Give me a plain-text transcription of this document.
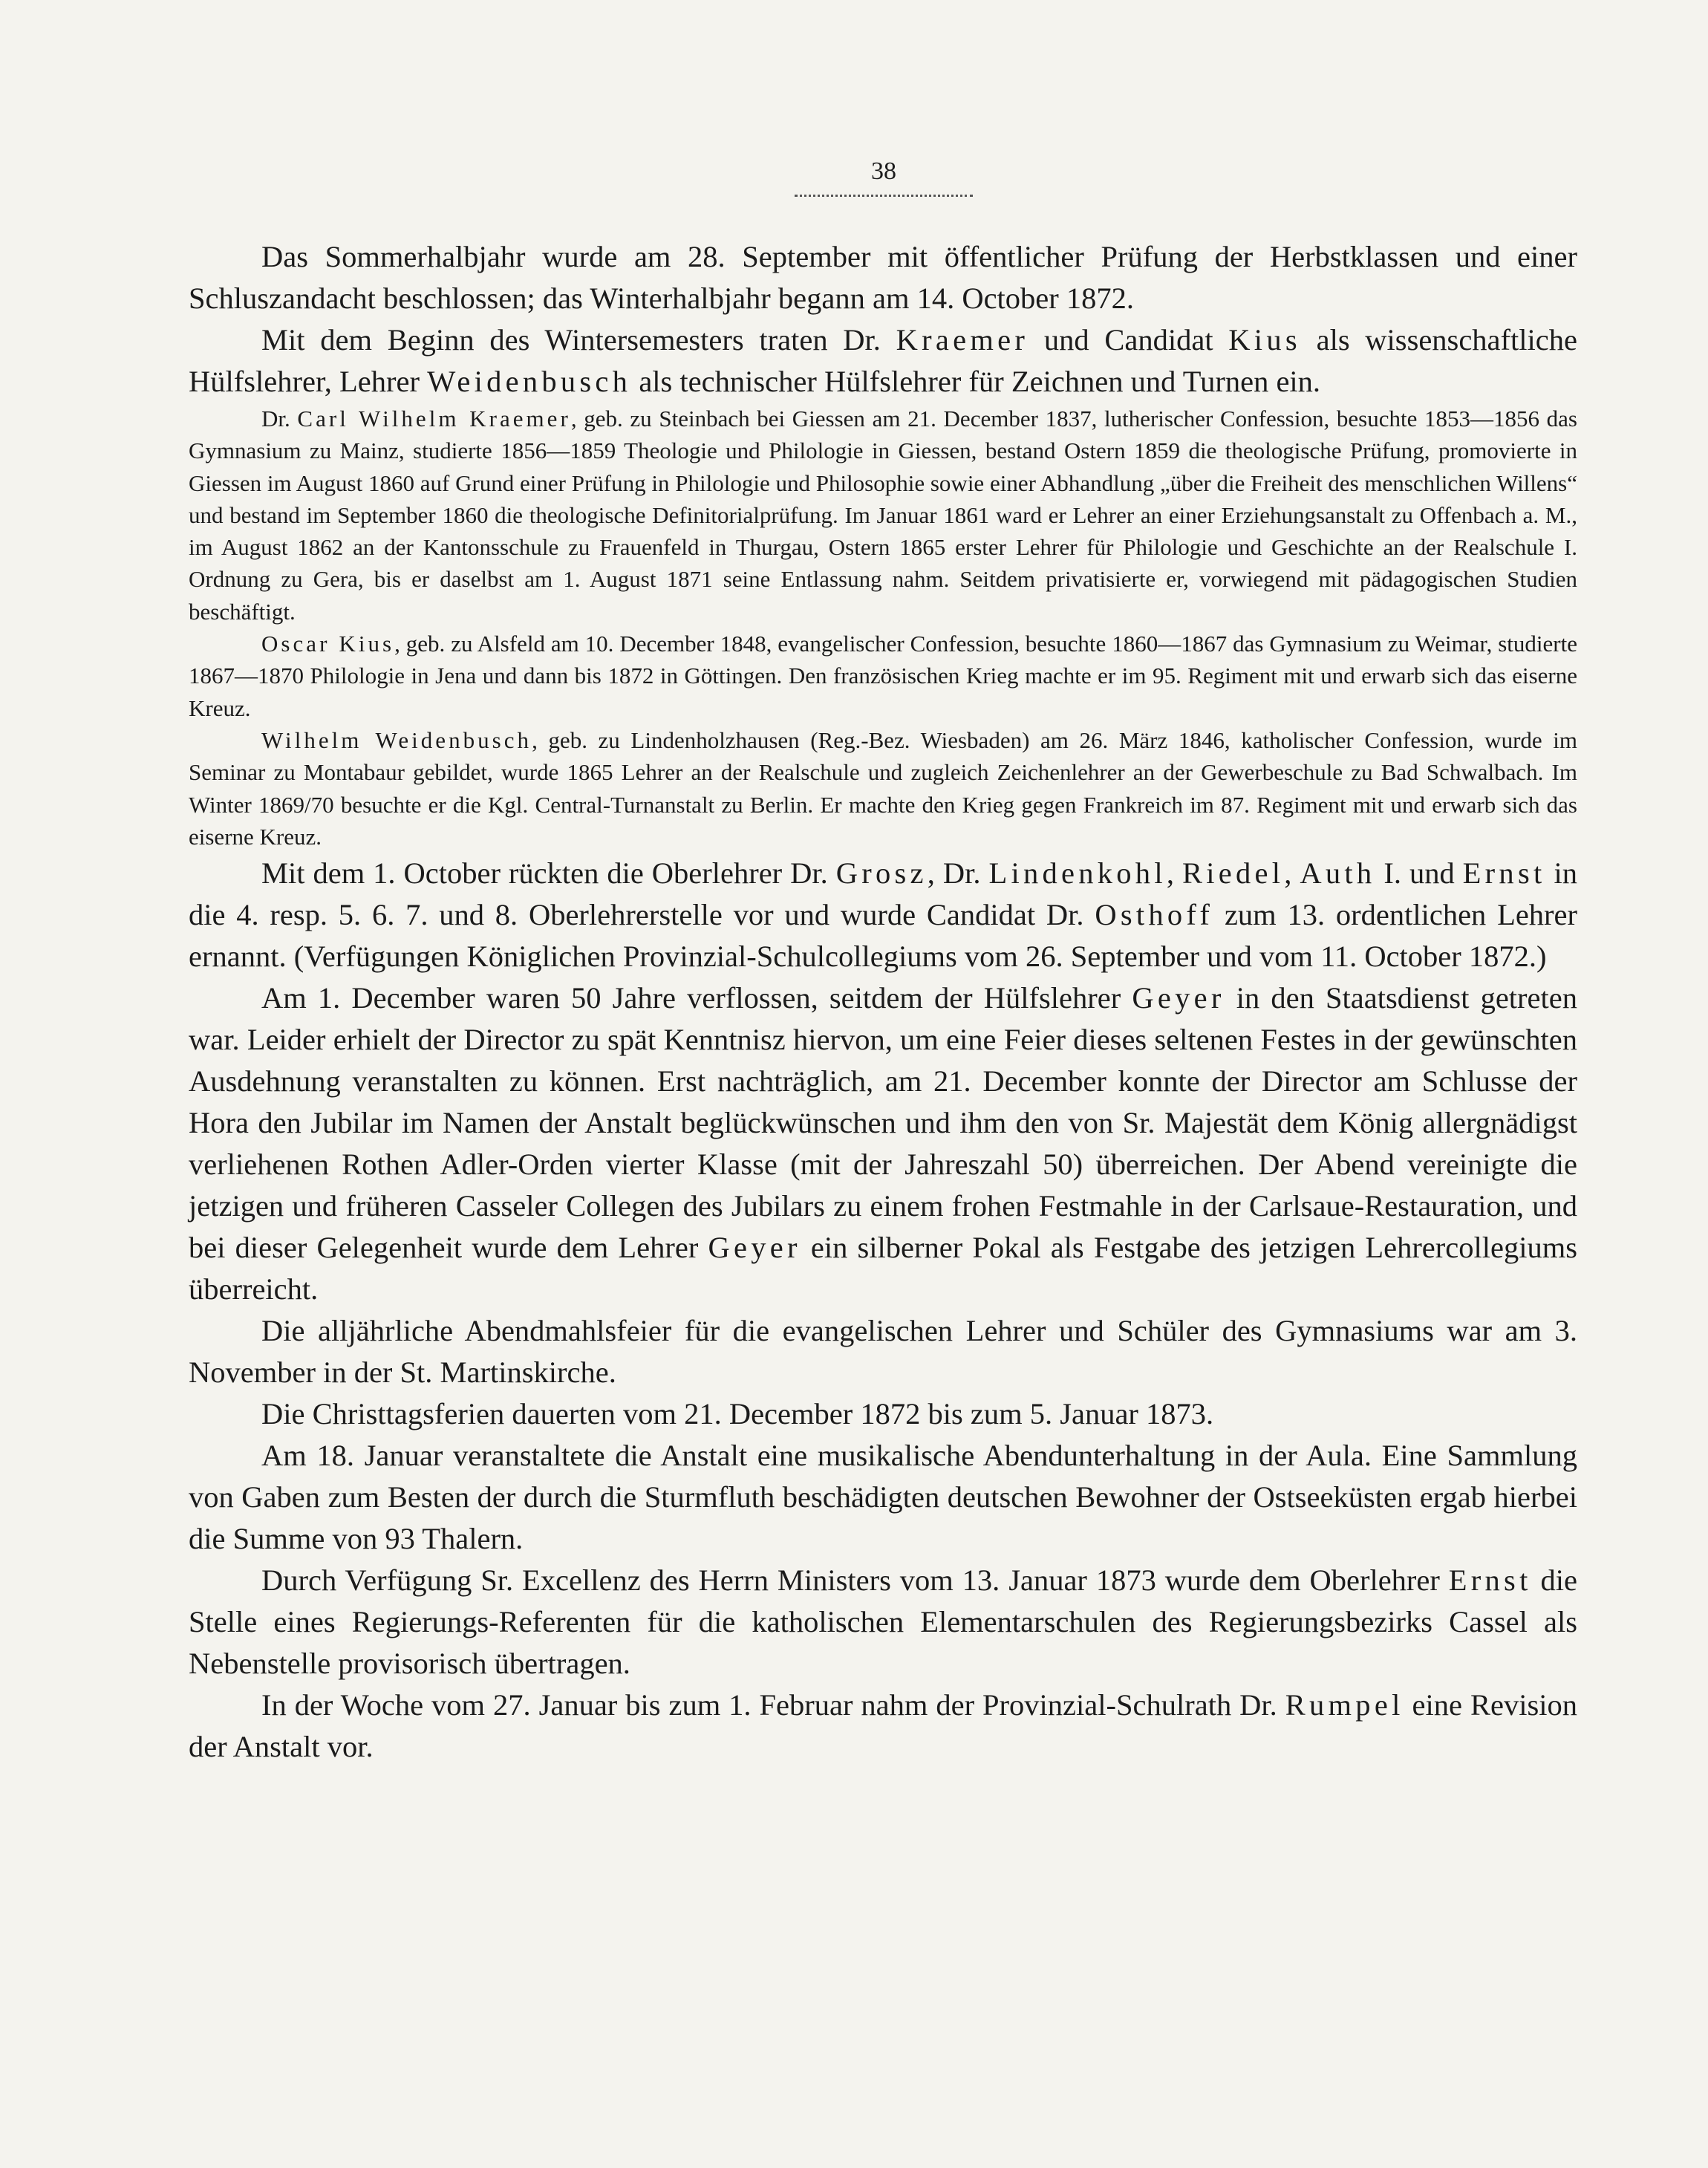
38

Das Sommerhalbjahr wurde am 28. September mit öffentlicher Prüfung der Herbstklassen und einer Schluszandacht beschlossen; das Winterhalbjahr begann am 14. October 1872.

Mit dem Beginn des Wintersemesters traten Dr. Kraemer und Candidat Kius als wissenschaftliche Hülfslehrer, Lehrer Weidenbusch als technischer Hülfslehrer für Zeichnen und Turnen ein.

Dr. Carl Wilhelm Kraemer, geb. zu Steinbach bei Giessen am 21. December 1837, lutherischer Confession, besuchte 1853—1856 das Gymnasium zu Mainz, studierte 1856—1859 Theologie und Philologie in Giessen, bestand Ostern 1859 die theologische Prüfung, promovierte in Giessen im August 1860 auf Grund einer Prüfung in Philologie und Philosophie sowie einer Abhandlung „über die Freiheit des menschlichen Willens“ und bestand im September 1860 die theologische Definitorialprüfung. Im Januar 1861 ward er Lehrer an einer Erziehungsanstalt zu Offenbach a. M., im August 1862 an der Kantonsschule zu Frauenfeld in Thurgau, Ostern 1865 erster Lehrer für Philologie und Geschichte an der Realschule I. Ordnung zu Gera, bis er daselbst am 1. August 1871 seine Entlassung nahm. Seitdem privatisierte er, vorwiegend mit pädagogischen Studien beschäftigt.

Oscar Kius, geb. zu Alsfeld am 10. December 1848, evangelischer Confession, besuchte 1860—1867 das Gymnasium zu Weimar, studierte 1867—1870 Philologie in Jena und dann bis 1872 in Göttingen. Den französischen Krieg machte er im 95. Regiment mit und erwarb sich das eiserne Kreuz.

Wilhelm Weidenbusch, geb. zu Lindenholzhausen (Reg.-Bez. Wiesbaden) am 26. März 1846, katholischer Confession, wurde im Seminar zu Montabaur gebildet, wurde 1865 Lehrer an der Realschule und zugleich Zeichenlehrer an der Gewerbeschule zu Bad Schwalbach. Im Winter 1869/70 besuchte er die Kgl. Central-Turnanstalt zu Berlin. Er machte den Krieg gegen Frankreich im 87. Regiment mit und erwarb sich das eiserne Kreuz.

Mit dem 1. October rückten die Oberlehrer Dr. Grosz, Dr. Lindenkohl, Riedel, Auth I. und Ernst in die 4. resp. 5. 6. 7. und 8. Oberlehrerstelle vor und wurde Candidat Dr. Osthoff zum 13. ordentlichen Lehrer ernannt. (Verfügungen Königlichen Provinzial-Schulcollegiums vom 26. September und vom 11. October 1872.)

Am 1. December waren 50 Jahre verflossen, seitdem der Hülfslehrer Geyer in den Staatsdienst getreten war. Leider erhielt der Director zu spät Kenntnisz hiervon, um eine Feier dieses seltenen Festes in der gewünschten Ausdehnung veranstalten zu können. Erst nachträglich, am 21. December konnte der Director am Schlusse der Hora den Jubilar im Namen der Anstalt beglückwünschen und ihm den von Sr. Majestät dem König allergnädigst verliehenen Rothen Adler-Orden vierter Klasse (mit der Jahreszahl 50) überreichen. Der Abend vereinigte die jetzigen und früheren Casseler Collegen des Jubilars zu einem frohen Festmahle in der Carlsaue-Restauration, und bei dieser Gelegenheit wurde dem Lehrer Geyer ein silberner Pokal als Festgabe des jetzigen Lehrercollegiums überreicht.

Die alljährliche Abendmahlsfeier für die evangelischen Lehrer und Schüler des Gymnasiums war am 3. November in der St. Martinskirche.

Die Christtagsferien dauerten vom 21. December 1872 bis zum 5. Januar 1873.

Am 18. Januar veranstaltete die Anstalt eine musikalische Abendunterhaltung in der Aula. Eine Sammlung von Gaben zum Besten der durch die Sturmfluth beschädigten deutschen Bewohner der Ostseeküsten ergab hierbei die Summe von 93 Thalern.

Durch Verfügung Sr. Excellenz des Herrn Ministers vom 13. Januar 1873 wurde dem Oberlehrer Ernst die Stelle eines Regierungs-Referenten für die katholischen Elementarschulen des Regierungsbezirks Cassel als Nebenstelle provisorisch übertragen.

In der Woche vom 27. Januar bis zum 1. Februar nahm der Provinzial-Schulrath Dr. Rumpel eine Revision der Anstalt vor.
